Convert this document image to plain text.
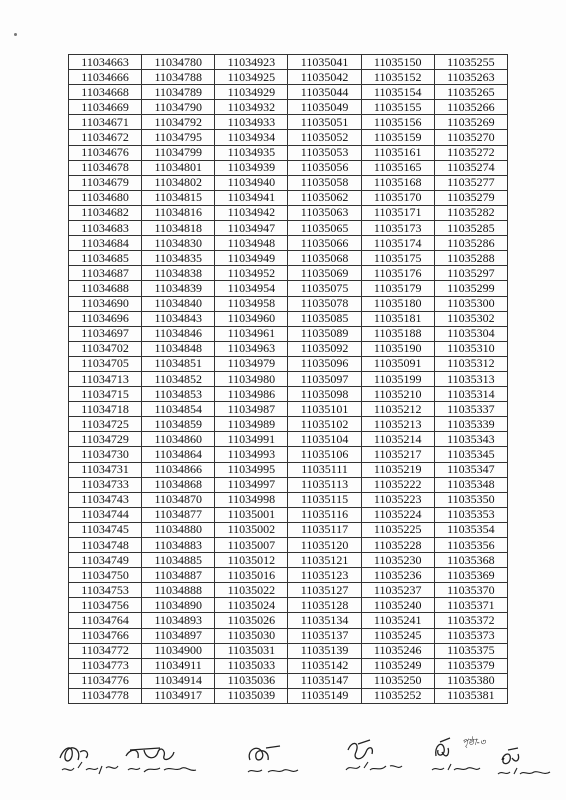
11034663	11034780	11034923	11035041	11035150	11035255
11034666	11034788	11034925	11035042	11035152	11035263
11034668	11034789	11034929	11035044	11035154	11035265
11034669	11034790	11034932	11035049	11035155	11035266
11034671	11034792	11034933	11035051	11035156	11035269
11034672	11034795	11034934	11035052	11035159	11035270
11034676	11034799	11034935	11035053	11035161	11035272
11034678	11034801	11034939	11035056	11035165	11035274
11034679	11034802	11034940	11035058	11035168	11035277
11034680	11034815	11034941	11035062	11035170	11035279
11034682	11034816	11034942	11035063	11035171	11035282
11034683	11034818	11034947	11035065	11035173	11035285
11034684	11034830	11034948	11035066	11035174	11035286
11034685	11034835	11034949	11035068	11035175	11035288
11034687	11034838	11034952	11035069	11035176	11035297
11034688	11034839	11034954	11035075	11035179	11035299
11034690	11034840	11034958	11035078	11035180	11035300
11034696	11034843	11034960	11035085	11035181	11035302
11034697	11034846	11034961	11035089	11035188	11035304
11034702	11034848	11034963	11035092	11035190	11035310
11034705	11034851	11034979	11035096	11035091	11035312
11034713	11034852	11034980	11035097	11035199	11035313
11034715	11034853	11034986	11035098	11035210	11035314
11034718	11034854	11034987	11035101	11035212	11035337
11034725	11034859	11034989	11035102	11035213	11035339
11034729	11034860	11034991	11035104	11035214	11035343
11034730	11034864	11034993	11035106	11035217	11035345
11034731	11034866	11034995	11035111	11035219	11035347
11034733	11034868	11034997	11035113	11035222	11035348
11034743	11034870	11034998	11035115	11035223	11035350
11034744	11034877	11035001	11035116	11035224	11035353
11034745	11034880	11035002	11035117	11035225	11035354
11034748	11034883	11035007	11035120	11035228	11035356
11034749	11034885	11035012	11035121	11035230	11035368
11034750	11034887	11035016	11035123	11035236	11035369
11034753	11034888	11035022	11035127	11035237	11035370
11034756	11034890	11035024	11035128	11035240	11035371
11034764	11034893	11035026	11035134	11035241	11035372
11034766	11034897	11035030	11035137	11035245	11035373
11034772	11034900	11035031	11035139	11035246	11035375
11034773	11034911	11035033	11035142	11035249	11035379
11034776	11034914	11035036	11035147	11035250	11035380
11034778	11034917	11035039	11035149	11035252	11035381
পৃষ্ঠা-৩
